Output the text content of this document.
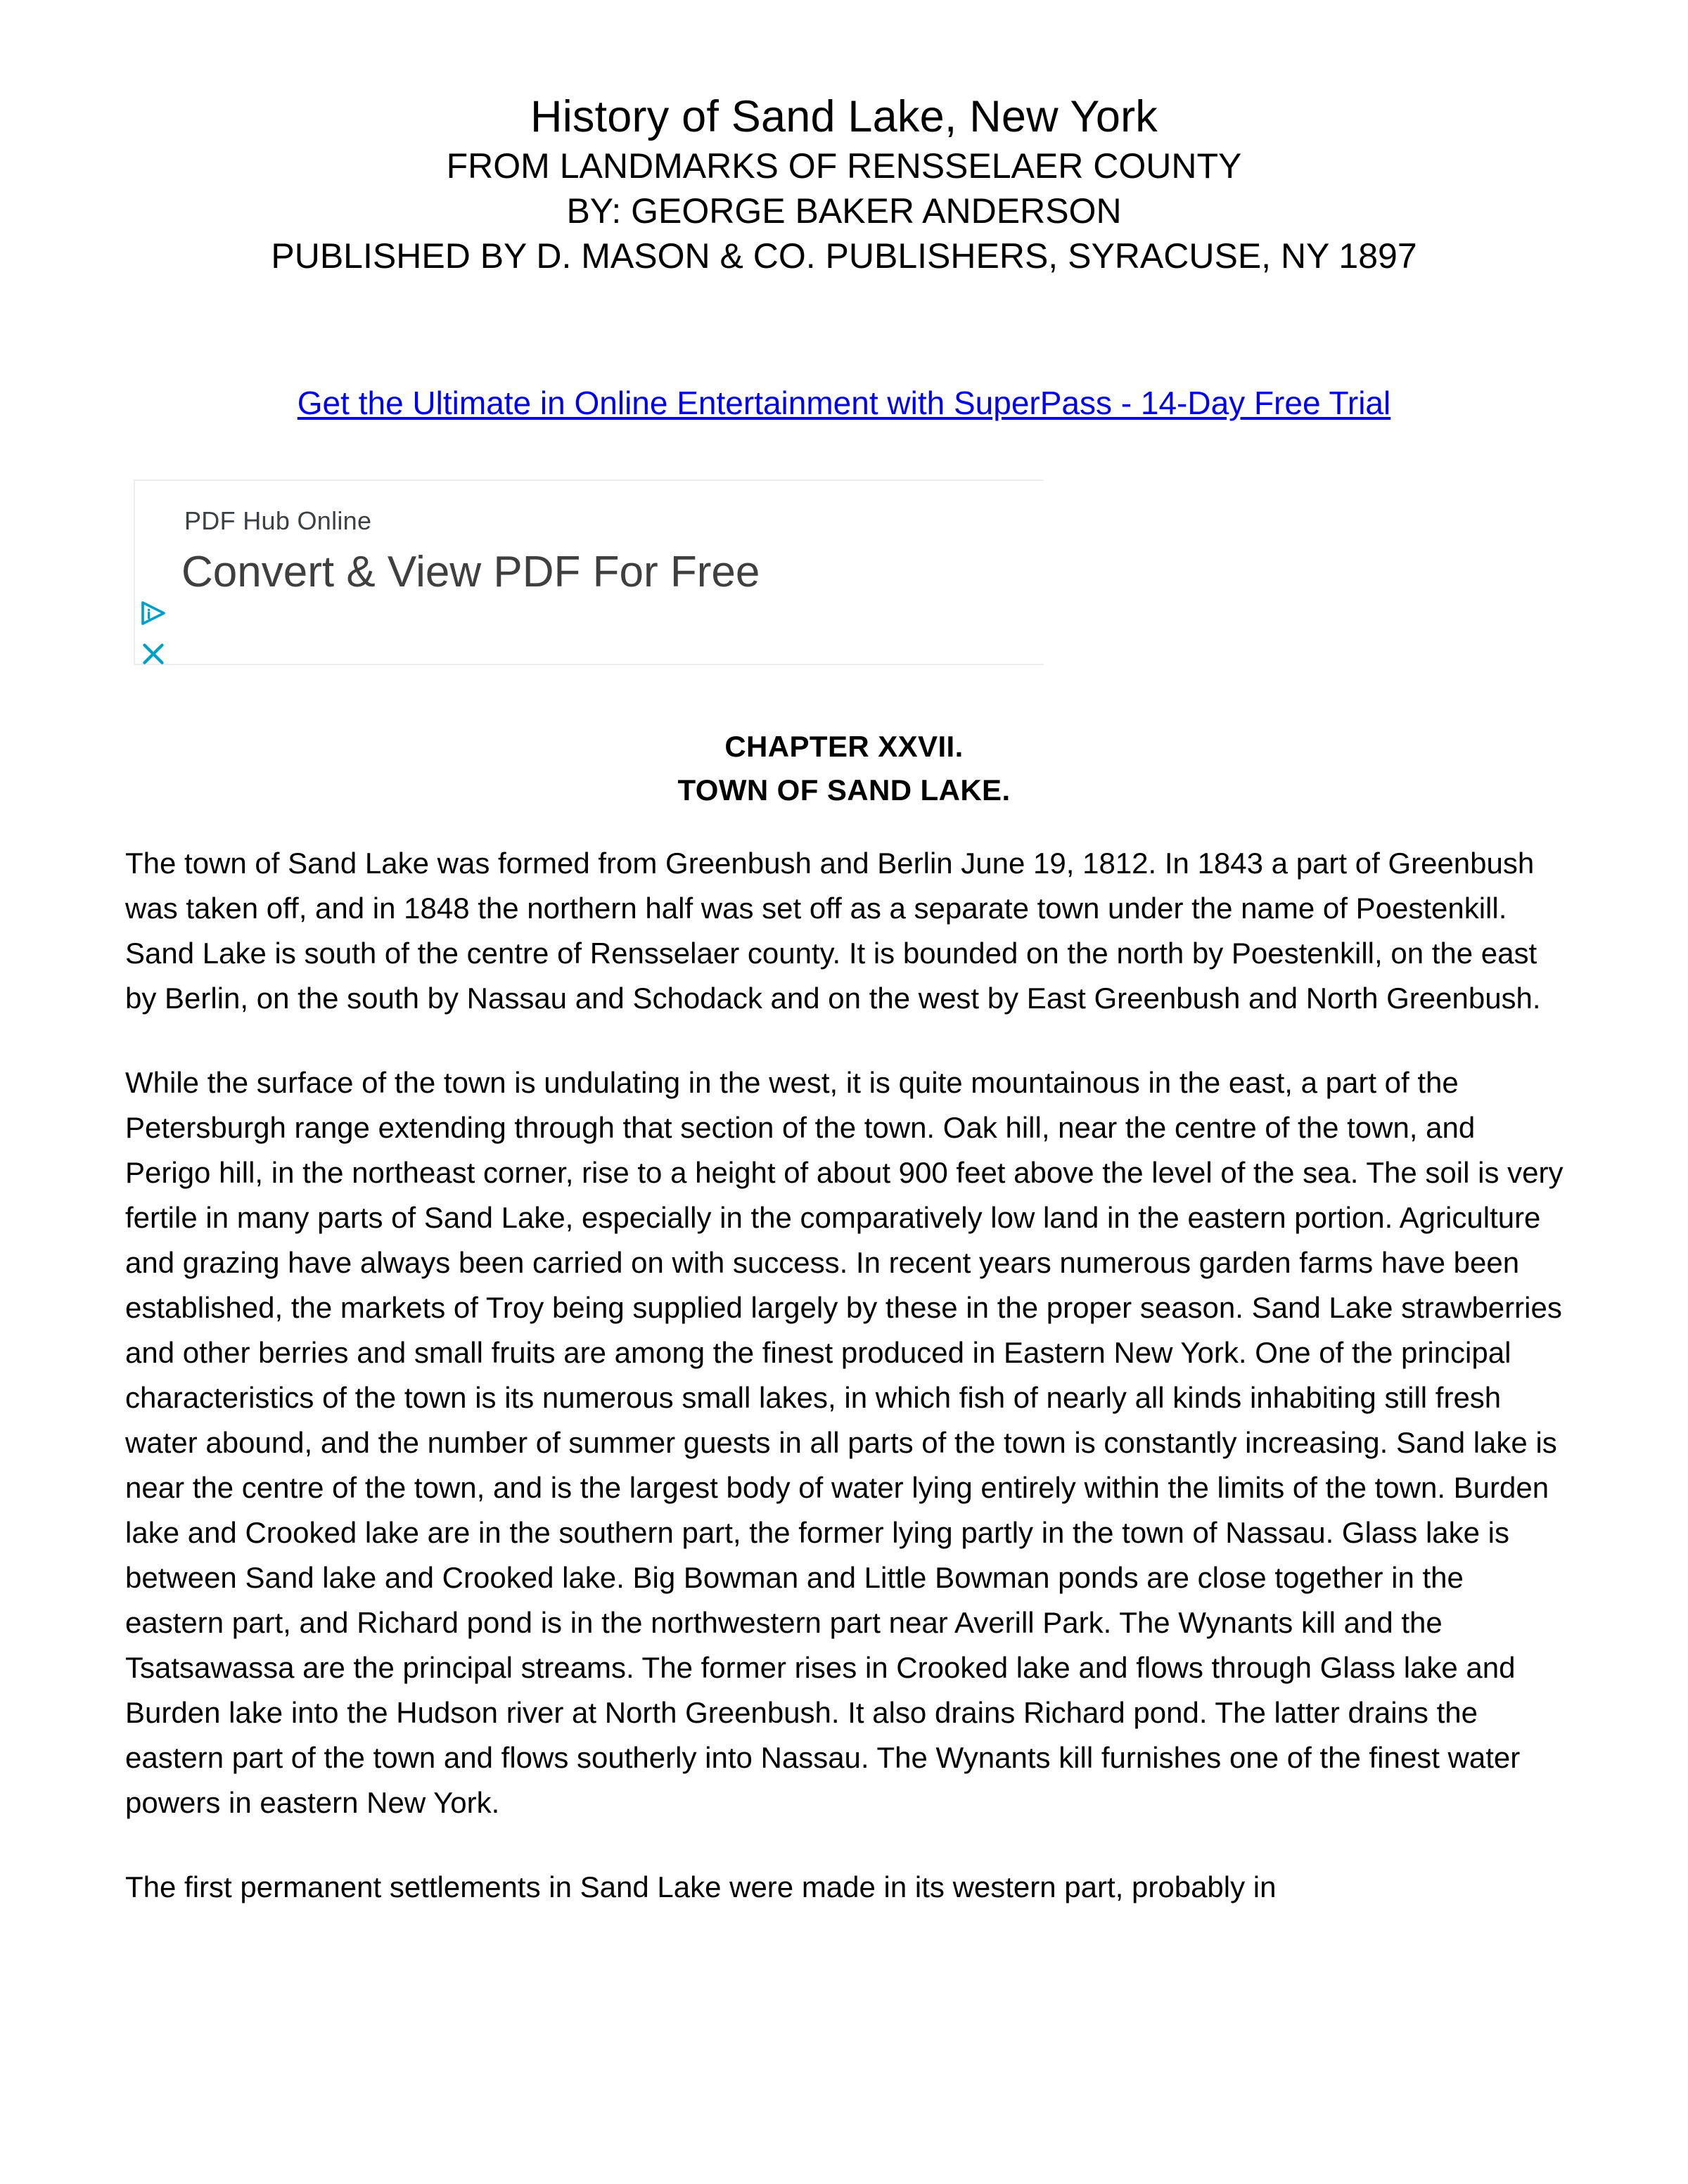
History of Sand Lake, New York
FROM LANDMARKS OF RENSSELAER COUNTY
BY: GEORGE BAKER ANDERSON
PUBLISHED BY D. MASON & CO. PUBLISHERS, SYRACUSE, NY 1897
Get the Ultimate in Online Entertainment with SuperPass - 14-Day Free Trial
PDF Hub Online
Convert & View PDF For Free
CHAPTER XXVII.
TOWN OF SAND LAKE.

The town of Sand Lake was formed from Greenbush and Berlin June 19, 1812. In 1843 a part of Greenbush was taken off, and in 1848 the northern half was set off as a separate town under the name of Poestenkill. Sand Lake is south of the centre of Rensselaer county. It is bounded on the north by Poestenkill, on the east by Berlin, on the south by Nassau and Schodack and on the west by East Greenbush and North Greenbush.

While the surface of the town is undulating in the west, it is quite mountainous in the east, a part of the Petersburgh range extending through that section of the town. Oak hill, near the centre of the town, and Perigo hill, in the northeast corner, rise to a height of about 900 feet above the level of the sea. The soil is very fertile in many parts of Sand Lake, especially in the comparatively low land in the eastern portion. Agriculture and grazing have always been carried on with success. In recent years numerous garden farms have been established, the markets of Troy being supplied largely by these in the proper season. Sand Lake strawberries and other berries and small fruits are among the finest produced in Eastern New York. One of the principal characteristics of the town is its numerous small lakes, in which fish of nearly all kinds inhabiting still fresh water abound, and the number of summer guests in all parts of the town is constantly increasing. Sand lake is near the centre of the town, and is the largest body of water lying entirely within the limits of the town. Burden lake and Crooked lake are in the southern part, the former lying partly in the town of Nassau. Glass lake is between Sand lake and Crooked lake. Big Bowman and Little Bowman ponds are close together in the eastern part, and Richard pond is in the northwestern part near Averill Park. The Wynants kill and the Tsatsawassa are the principal streams. The former rises in Crooked lake and flows through Glass lake and Burden lake into the Hudson river at North Greenbush. It also drains Richard pond. The latter drains the eastern part of the town and flows southerly into Nassau. The Wynants kill furnishes one of the finest water powers in eastern New York.

The first permanent settlements in Sand Lake were made in its western part, probably in
